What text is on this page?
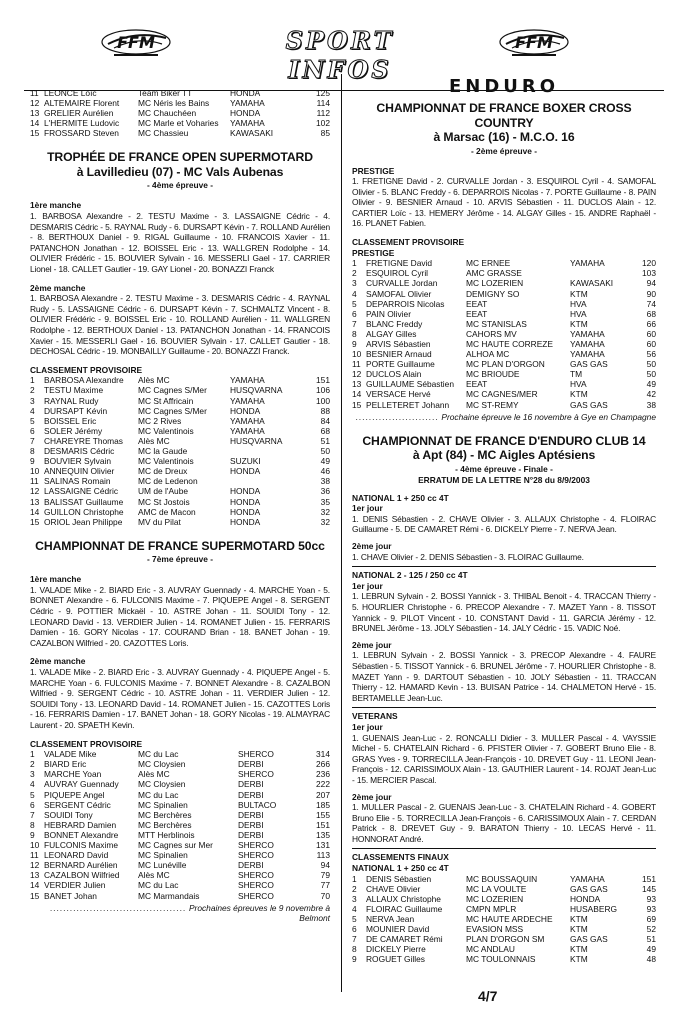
FFM	SPORT INFOS
FFM
11	LEONCE Loïc	Team Biker TT	HONDA	125
12	ALTEMAIRE Florent	MC Néris les Bains	YAMAHA	114
13	GRELIER Aurélien	MC Chauchéen	HONDA	112
14	L'HERMITE Ludovic	MC Marle et Voharies	YAMAHA	102
15	FROSSARD Steven	MC Chassieu	KAWASAKI	85
TROPHÉE DE FRANCE OPEN SUPERMOTARD
à Lavilledieu (07) - MC Vals Aubenas
- 4ème épreuve -
1ère manche

1. BARBOSA Alexandre - 2. TESTU Maxime - 3. LASSAIGNE Cédric - 4. DESMARIS Cédric - 5. RAYNAL Rudy - 6. DURSAPT Kévin - 7. ROLLAND Aurélien - 8. BERTHOUX Daniel - 9. RIGAL Guillaume - 10. FRANCOIS Xavier - 11. PATANCHON Jonathan - 12. BOISSEL Eric - 13. WALLGREN Rodolphe - 14. OLIVIER Frédéric - 15. BOUVIER Sylvain - 16. MESSERLI Gael - 17. CARRIER Lionel - 18. CALLET Gautier - 19. GAY Lionel - 20. BONAZZI Franck

2ème manche

1. BARBOSA Alexandre - 2. TESTU Maxime - 3. DESMARIS Cédric - 4. RAYNAL Rudy - 5. LASSAIGNE Cédric - 6. DURSAPT Kévin - 7. SCHMALTZ Vincent - 8. OLIVIER Frédéric - 9. BOISSEL Eric - 10. ROLLAND Aurélien - 11. WALLGREN Rodolphe - 12. BERTHOUX Daniel - 13. PATANCHON Jonathan - 14. FRANCOIS Xavier - 15. MESSERLI Gael - 16. BOUVIER Sylvain - 17. CALLET Gautier - 18. DECHOSAL Cédric - 19. MONBAILLY Guillaume - 20. BONAZZI Franck.

CLASSEMENT PROVISOIRE
1	BARBOSA Alexandre	Alès MC	YAMAHA	151
2	TESTU Maxime	MC Cagnes S/Mer	HUSQVARNA	106
3	RAYNAL Rudy	MC St Affricain	YAMAHA	100
4	DURSAPT Kévin	MC Cagnes S/Mer	HONDA	88
5	BOISSEL Eric	MC 2 Rives	YAMAHA	84
6	SOLER Jérémy	MC Valentinois	YAMAHA	68
7	CHAREYRE Thomas	Alès MC	HUSQVARNA	51
8	DESMARIS Cédric	MC la Gaude		50
9	BOUVIER Sylvain	MC Valentinois	SUZUKI	49
10	ANNEQUIN Olivier	MC de Dreux	HONDA	46
11	SALINAS Romain	MC de Ledenon		38
12	LASSAIGNE Cédric	UM de l'Aube	HONDA	36
13	BALISSAT Guillaume	MC St Jostois	HONDA	35
14	GUILLON Christophe	AMC de Macon	HONDA	32
15	ORIOL Jean Philippe	MV du Pilat	HONDA	32
CHAMPIONNAT DE FRANCE SUPERMOTARD 50cc
- 7ème épreuve -
1ère manche

1. VALADE Mike - 2. BIARD Eric - 3. AUVRAY Guennady - 4. MARCHE Yoan - 5. BONNET Alexandre - 6. FULCONIS Maxime - 7. PIQUEPE Angel - 8. SERGENT Cédric - 9. POTTIER Mickaël - 10. ASTRE Johan - 11. SOUIDI Tony - 12. LEONARD David - 13. VERDIER Julien - 14. ROMANET Julien - 15. FERRARIS Damien - 16. GORY Nicolas - 17. COURAND Brian - 18. BANET Johan - 19. CAZALBON Wilfried - 20. CAZOTTES Loris.

2ème manche

1. VALADE Mike - 2. BIARD Eric - 3. AUVRAY Guennady - 4. PIQUEPE Angel - 5. MARCHE Yoan - 6. FULCONIS Maxime - 7. BONNET Alexandre - 8. CAZALBON Wilfried - 9. SERGENT Cédric - 10. ASTRE Johan - 11. VERDIER Julien - 12. SOUIDI Tony - 13. LEONARD David - 14. ROMANET Julien - 15. CAZOTTES Loris - 16. FERRARIS Damien - 17. BANET Johan - 18. GORY Nicolas - 19. ALMAYRAC Laurent - 20. SPAETH Kevin.

CLASSEMENT PROVISOIRE
1	VALADE Mike	MC du Lac	SHERCO	314
2	BIARD Eric	MC Cloysien	DERBI	266
3	MARCHE Yoan	Alès MC	SHERCO	236
4	AUVRAY Guennady	MC Cloysien	DERBI	222
5	PIQUEPE Angel	MC du Lac	DERBI	207
6	SERGENT Cédric	MC Spinalien	BULTACO	185
7	SOUIDI Tony	MC Berchères	DERBI	155
8	HEBRARD Damien	MC Berchères	DERBI	151
9	BONNET Alexandre	MTT Herblinois	DERBI	135
10	FULCONIS Maxime	MC Cagnes sur Mer	SHERCO	131
11	LEONARD David	MC Spinalien	SHERCO	113
12	BERNARD Aurélien	MC Lunéville	DERBI	94
13	CAZALBON Wilfried	Alès MC	SHERCO	79
14	VERDIER Julien	MC du Lac	SHERCO	77
15	BANET Johan	MC Marmandais	SHERCO	70
......................................... Prochaines épreuves le 9 novembre à Belmont
ENDURO
CHAMPIONNAT DE FRANCE BOXER CROSS COUNTRY
à Marsac (16) - M.C.O. 16
- 2ème épreuve -
PRESTIGE

1. FRETIGNE David - 2. CURVALLE Jordan - 3. ESQUIROL Cyril - 4. SAMOFAL Olivier - 5. BLANC Freddy - 6. DEPARROIS Nicolas - 7. PORTE Guillaume - 8. PAIN Olivier - 9. BESNIER Arnaud - 10. ARVIS Sébastien - 11. DUCLOS Alain - 12. CARTIER Loïc - 13. HEMERY Jérôme - 14. ALGAY Gilles - 15. ANDRE Raphaël - 16. PLANET Fabien.

CLASSEMENT PROVISOIRE
PRESTIGE
1	FRETIGNE David	MC ERNEE	YAMAHA	120
2	ESQUIROL Cyril	AMC GRASSE		103
3	CURVALLE Jordan	MC LOZERIEN	KAWASAKI	94
4	SAMOFAL Olivier	DEMIGNY SO	KTM	90
5	DEPARROIS Nicolas	EEAT	HVA	74
6	PAIN Olivier	EEAT	HVA	68
7	BLANC Freddy	MC STANISLAS	KTM	66
8	ALGAY Gilles	CAHORS MV	YAMAHA	60
9	ARVIS Sébastien	MC HAUTE CORREZE	YAMAHA	60
10	BESNIER Arnaud	ALHOA MC	YAMAHA	56
11	PORTE Guillaume	MC PLAN D'ORGON	GAS GAS	50
12	DUCLOS Alain	MC BRIOUDE	TM	50
13	GUILLAUME Sébastien	EEAT	HVA	49
14	VERSACE Hervé	MC CAGNES/MER	KTM	42
15	PELLETERET Johann	MC ST-REMY	GAS GAS	38
......................... Prochaine épreuve le 16 novembre à Gye en Champagne
CHAMPIONNAT DE FRANCE D'ENDURO CLUB 14
à Apt (84) - MC Aigles Aptésiens
- 4ème épreuve - Finale -
ERRATUM DE LA LETTRE N°28 du 8/9/2003
NATIONAL 1 + 250 cc 4T
1er jour

1. DENIS Sébastien - 2. CHAVE Olivier - 3. ALLAUX Christophe - 4. FLOIRAC Guillaume - 5. DE CAMARET Rémi - 6. DICKELY Pierre - 7. NERVA Jean.

2ème jour

1. CHAVE Olivier - 2. DENIS Sébastien - 3. FLOIRAC Guillaume.

NATIONAL 2 - 125 / 250 cc 4T
1er jour

1. LEBRUN Sylvain - 2. BOSSI Yannick - 3. THIBAL Benoit - 4. TRACCAN Thierry - 5. HOURLIER Christophe - 6. PRECOP Alexandre - 7. MAZET Yann - 8. TISSOT Yannick - 9. PILOT Vincent - 10. CONSTANT David - 11. GARCIA Jérémy - 12. BRUNEL Jérôme - 13. JOLY Sébastien - 14. JALY Cédric - 15. VADIC Noé.

2ème jour

1. LEBRUN Sylvain - 2. BOSSI Yannick - 3. PRECOP Alexandre - 4. FAURE Sébastien - 5. TISSOT Yannick - 6. BRUNEL Jérôme - 7. HOURLIER Christophe - 8. MAZET Yann - 9. DARTOUT Sébastien - 10. JOLY Sébastien - 11. TRACCAN Thierry - 12. HAMARD Kevin - 13. BUISAN Patrice - 14. CHALMETON Hervé - 15. BERTAMELLE Jean-Luc.

VETERANS
1er jour

1. GUENAIS Jean-Luc - 2. RONCALLI Didier - 3. MULLER Pascal - 4. VAYSSIE Michel - 5. CHATELAIN Richard - 6. PFISTER Olivier - 7. GOBERT Bruno Elie - 8. GRAS Yves - 9. TORRECILLA Jean-François - 10. DREVET Guy - 11. LEONI Jean-François - 12. CARISSIMOUX Alain - 13. GAUTHIER Laurent - 14. ROJAT Jean-Luc - 15. MERCIER Pascal.

2ème jour

1. MULLER Pascal - 2. GUENAIS Jean-Luc - 3. CHATELAIN Richard - 4. GOBERT Bruno Elie - 5. TORRECILLA Jean-François - 6. CARISSIMOUX Alain - 7. CERDAN Patrick - 8. DREVET Guy - 9. BARATON Thierry - 10. LECAS Hervé - 11. HONNORAT André.

CLASSEMENTS FINAUX
NATIONAL 1 + 250 cc 4T
1	DENIS Sébastien	MC BOUSSAQUIN	YAMAHA	151
2	CHAVE Olivier	MC LA VOULTE	GAS GAS	145
3	ALLAUX Christophe	MC LOZERIEN	HONDA	93
4	FLOIRAC Guillaume	CMPN MPLR	HUSABERG	93
5	NERVA Jean	MC HAUTE ARDECHE	KTM	69
6	MOUNIER David	EVASION MSS	KTM	52
7	DE CAMARET Rémi	PLAN D'ORGON SM	GAS GAS	51
8	DICKELY Pierre	MC ANDLAU	KTM	49
9	ROGUET Gilles	MC TOULONNAIS	KTM	48
4/7
